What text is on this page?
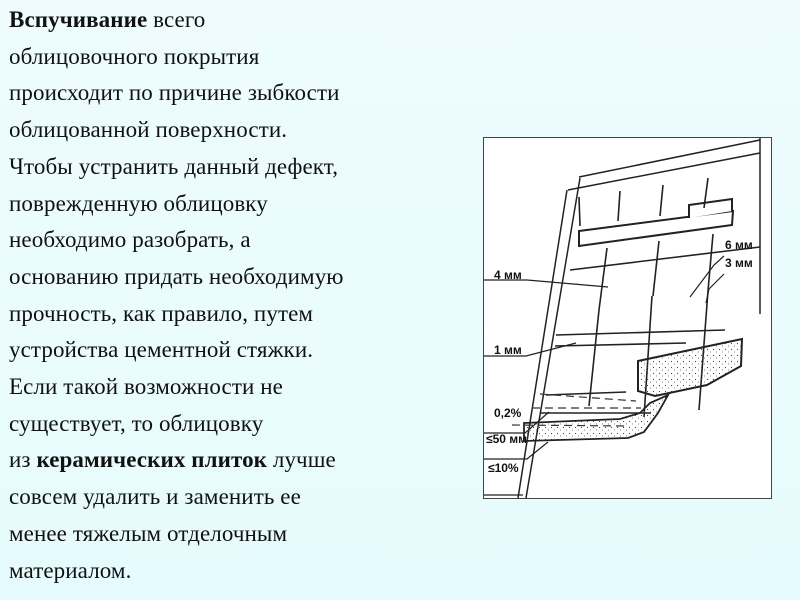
Вспучивание всего
облицовочного покрытия
происходит по причине зыбкости
облицованной поверхности.
Чтобы устранить данный дефект,
поврежденную облицовку
необходимо разобрать, а
основанию придать необходимую
прочность, как правило, путем
устройства цементной стяжки.
Если такой возможности не
существует, то облицовку
из керамических плиток лучше
совсем удалить и заменить ее
менее тяжелым отделочным
материалом.
6 мм
3 мм
4 мм
1 мм
0,2%
≤50 мм
≤10%
